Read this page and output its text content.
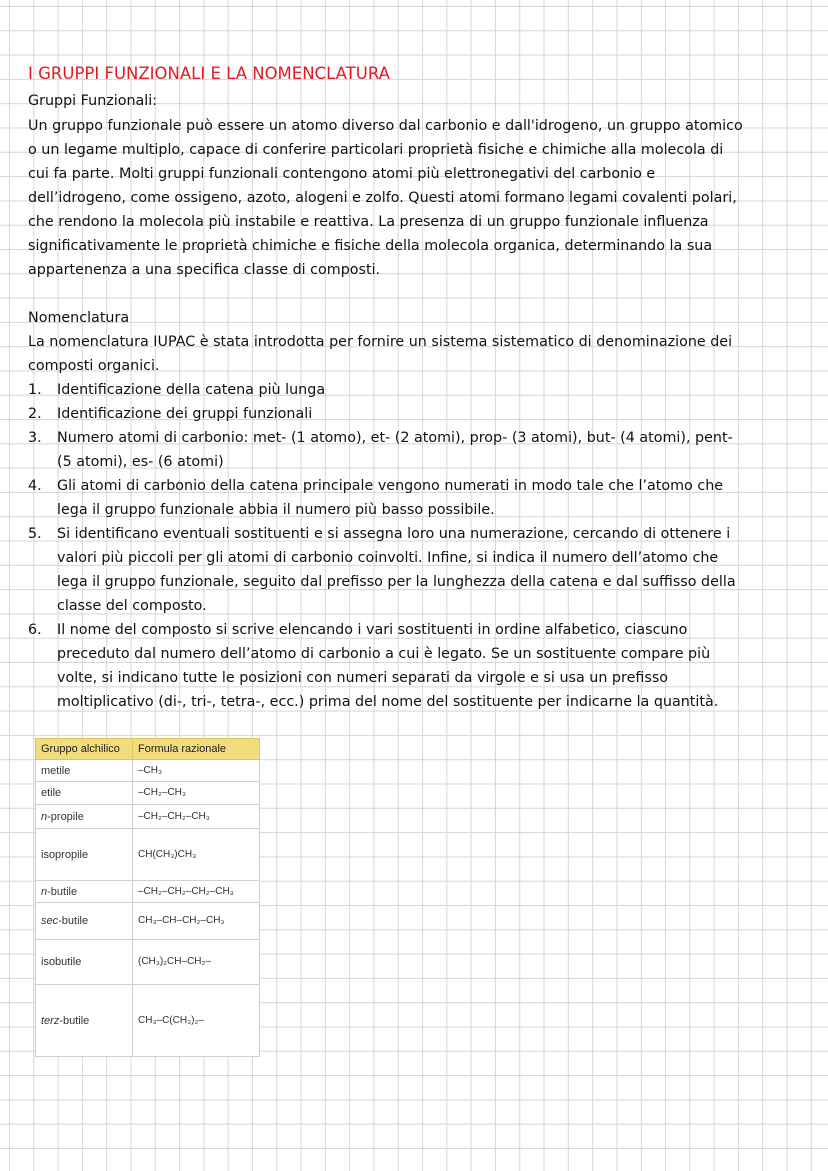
I GRUPPI FUNZIONALI E LA NOMENCLATURA
Gruppi Funzionali:
Un gruppo funzionale può essere un atomo diverso dal carbonio e dall'idrogeno, un gruppo atomico
o un legame multiplo, capace di conferire particolari proprietà fisiche e chimiche alla molecola di
cui fa parte. Molti gruppi funzionali contengono atomi più elettronegativi del carbonio e
dell’idrogeno, come ossigeno, azoto, alogeni e zolfo. Questi atomi formano legami covalenti polari,
che rendono la molecola più instabile e reattiva. La presenza di un gruppo funzionale influenza
significativamente le proprietà chimiche e fisiche della molecola organica, determinando la sua
appartenenza a una specifica classe di composti.
Nomenclatura
La nomenclatura IUPAC è stata introdotta per fornire un sistema sistematico di denominazione dei
composti organici.
1. Identificazione della catena più lunga
2. Identificazione dei gruppi funzionali
3. Numero atomi di carbonio: met- (1 atomo), et- (2 atomi), prop- (3 atomi), but- (4 atomi), pent-
(5 atomi), es- (6 atomi)
4. Gli atomi di carbonio della catena principale vengono numerati in modo tale che l’atomo che
lega il gruppo funzionale abbia il numero più basso possibile.
5. Si identificano eventuali sostituenti e si assegna loro una numerazione, cercando di ottenere i
valori più piccoli per gli atomi di carbonio coinvolti. Infine, si indica il numero dell’atomo che
lega il gruppo funzionale, seguito dal prefisso per la lunghezza della catena e dal suffisso della
classe del composto.
6. Il nome del composto si scrive elencando i vari sostituenti in ordine alfabetico, ciascuno
preceduto dal numero dell’atomo di carbonio a cui è legato. Se un sostituente compare più
volte, si indicano tutte le posizioni con numeri separati da virgole e si usa un prefisso
moltiplicativo (di-, tri-, tetra-, ecc.) prima del nome del sostituente per indicarne la quantità.
Gruppo alchilico	Formula razionale
metile	–CH₃
etile	–CH₂–CH₃
n-propile	–CH₂–CH₂–CH₃
isopropile	CH(CH₃)CH₃
n-butile	–CH₂–CH₂–CH₂–CH₃
sec-butile	CH₃–CH–CH₂–CH₃
isobutile	(CH₃)₂CH–CH₂–
terz-butile	CH₃–C(CH₃)₂–
